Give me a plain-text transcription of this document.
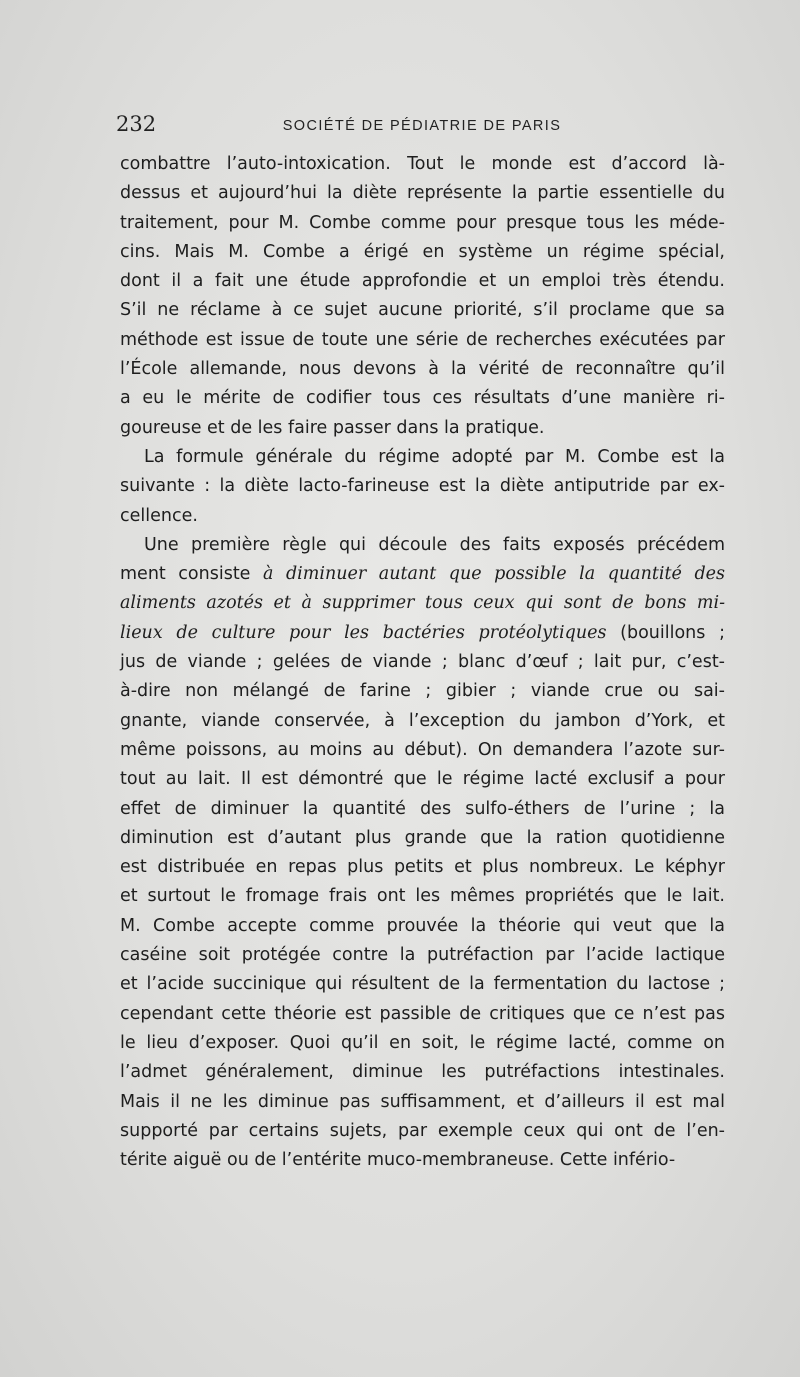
232	SOCIÉTÉ DE PÉDIATRIE DE PARIS
combattre l’auto-intoxication. Tout le monde est d’accord là-
dessus et aujourd’hui la diète représente la partie essentielle du
traitement, pour M. Combe comme pour presque tous les méde-
cins. Mais M. Combe a érigé en système un régime spécial,
dont il a fait une étude approfondie et un emploi très étendu.
S’il ne réclame à ce sujet aucune priorité, s’il proclame que sa
méthode est issue de toute une série de recherches exécutées par
l’École allemande, nous devons à la vérité de reconnaître qu’il
a eu le mérite de codifier tous ces résultats d’une manière ri-
goureuse et de les faire passer dans la pratique.
La formule générale du régime adopté par M. Combe est la
suivante : la diète lacto-farineuse est la diète antiputride par ex-
cellence.
Une première règle qui découle des faits exposés précédem
ment consiste à diminuer autant que possible la quantité des
aliments azotés et à supprimer tous ceux qui sont de bons mi-
lieux de culture pour les bactéries protéolytiques (bouillons ;
jus de viande ; gelées de viande ; blanc d’œuf ; lait pur, c’est-
à-dire non mélangé de farine ; gibier ; viande crue ou sai-
gnante, viande conservée, à l’exception du jambon d’York, et
même poissons, au moins au début). On demandera l’azote sur-
tout au lait. Il est démontré que le régime lacté exclusif a pour
effet de diminuer la quantité des sulfo-éthers de l’urine ; la
diminution est d’autant plus grande que la ration quotidienne
est distribuée en repas plus petits et plus nombreux. Le képhyr
et surtout le fromage frais ont les mêmes propriétés que le lait.
M. Combe accepte comme prouvée la théorie qui veut que la
caséine soit protégée contre la putréfaction par l’acide lactique
et l’acide succinique qui résultent de la fermentation du lactose ;
cependant cette théorie est passible de critiques que ce n’est pas
le lieu d’exposer. Quoi qu’il en soit, le régime lacté, comme on
l’admet généralement, diminue les putréfactions intestinales.
Mais il ne les diminue pas suffisamment, et d’ailleurs il est mal
supporté par certains sujets, par exemple ceux qui ont de l’en-
térite aiguë ou de l’entérite muco-membraneuse. Cette infério-
